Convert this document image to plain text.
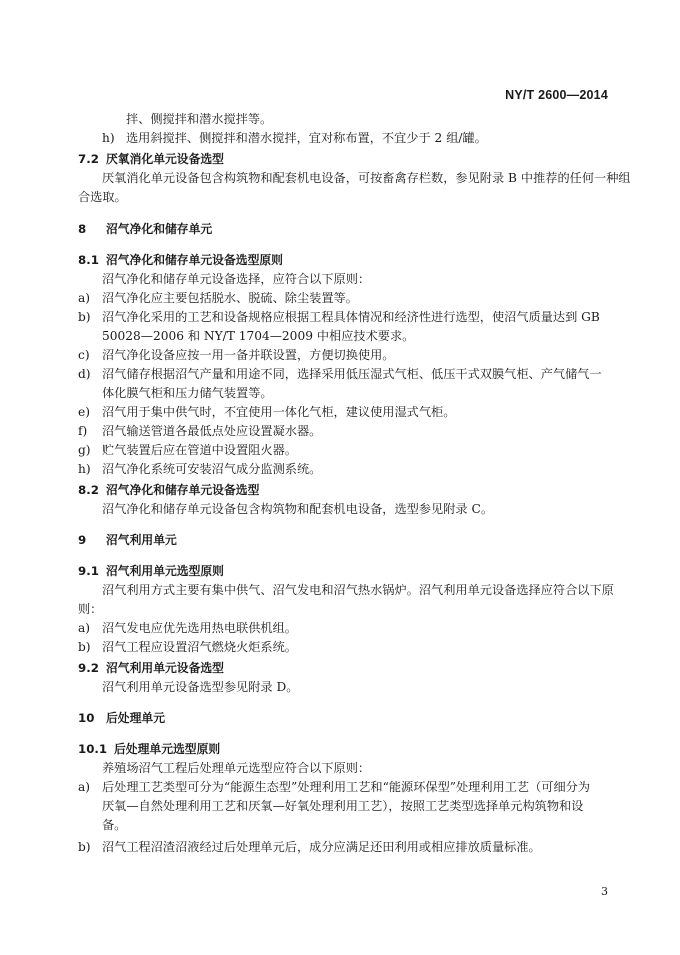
NY/T 2600—2014
拌、侧搅拌和潜水搅拌等。
h) 选用斜搅拌、侧搅拌和潜水搅拌，宜对称布置，不宜少于 2 组/罐。
7.2 厌氧消化单元设备选型
厌氧消化单元设备包含构筑物和配套机电设备，可按畜禽存栏数，参见附录 B 中推荐的任何一种组
合选取。
8 沼气净化和储存单元
8.1 沼气净化和储存单元设备选型原则
沼气净化和储存单元设备选择，应符合以下原则：
a) 沼气净化应主要包括脱水、脱硫、除尘装置等。
b) 沼气净化采用的工艺和设备规格应根据工程具体情况和经济性进行选型，使沼气质量达到 GB
50028—2006 和 NY/T 1704—2009 中相应技术要求。
c)	沼气净化设备应按一用一备并联设置，方便切换使用。
d) 沼气储存根据沼气产量和用途不同，选择采用低压湿式气柜、低压干式双膜气柜、产气储气一
体化膜气柜和压力储气装置等。
e) 沼气用于集中供气时，不宜使用一体化气柜，建议使用湿式气柜。
f)	沼气输送管道各最低点处应设置凝水器。
g) 贮气装置后应在管道中设置阻火器。
h) 沼气净化系统可安装沼气成分监测系统。
8.2 沼气净化和储存单元设备选型
沼气净化和储存单元设备包含构筑物和配套机电设备，选型参见附录 C。
9 沼气利用单元
9.1 沼气利用单元选型原则
沼气利用方式主要有集中供气、沼气发电和沼气热水锅炉。沼气利用单元设备选择应符合以下原
则：
a) 沼气发电应优先选用热电联供机组。
b) 沼气工程应设置沼气燃烧火炬系统。
9.2 沼气利用单元设备选型
沼气利用单元设备选型参见附录 D。
10 后处理单元
10.1 后处理单元选型原则
养殖场沼气工程后处理单元选型应符合以下原则：
a) 后处理工艺类型可分为“能源生态型”处理利用工艺和“能源环保型”处理利用工艺（可细分为
厌氧—自然处理利用工艺和厌氧—好氧处理利用工艺），按照工艺类型选择单元构筑物和设
备。
b) 沼气工程沼渣沼液经过后处理单元后，成分应满足还田利用或相应排放质量标准。
3
